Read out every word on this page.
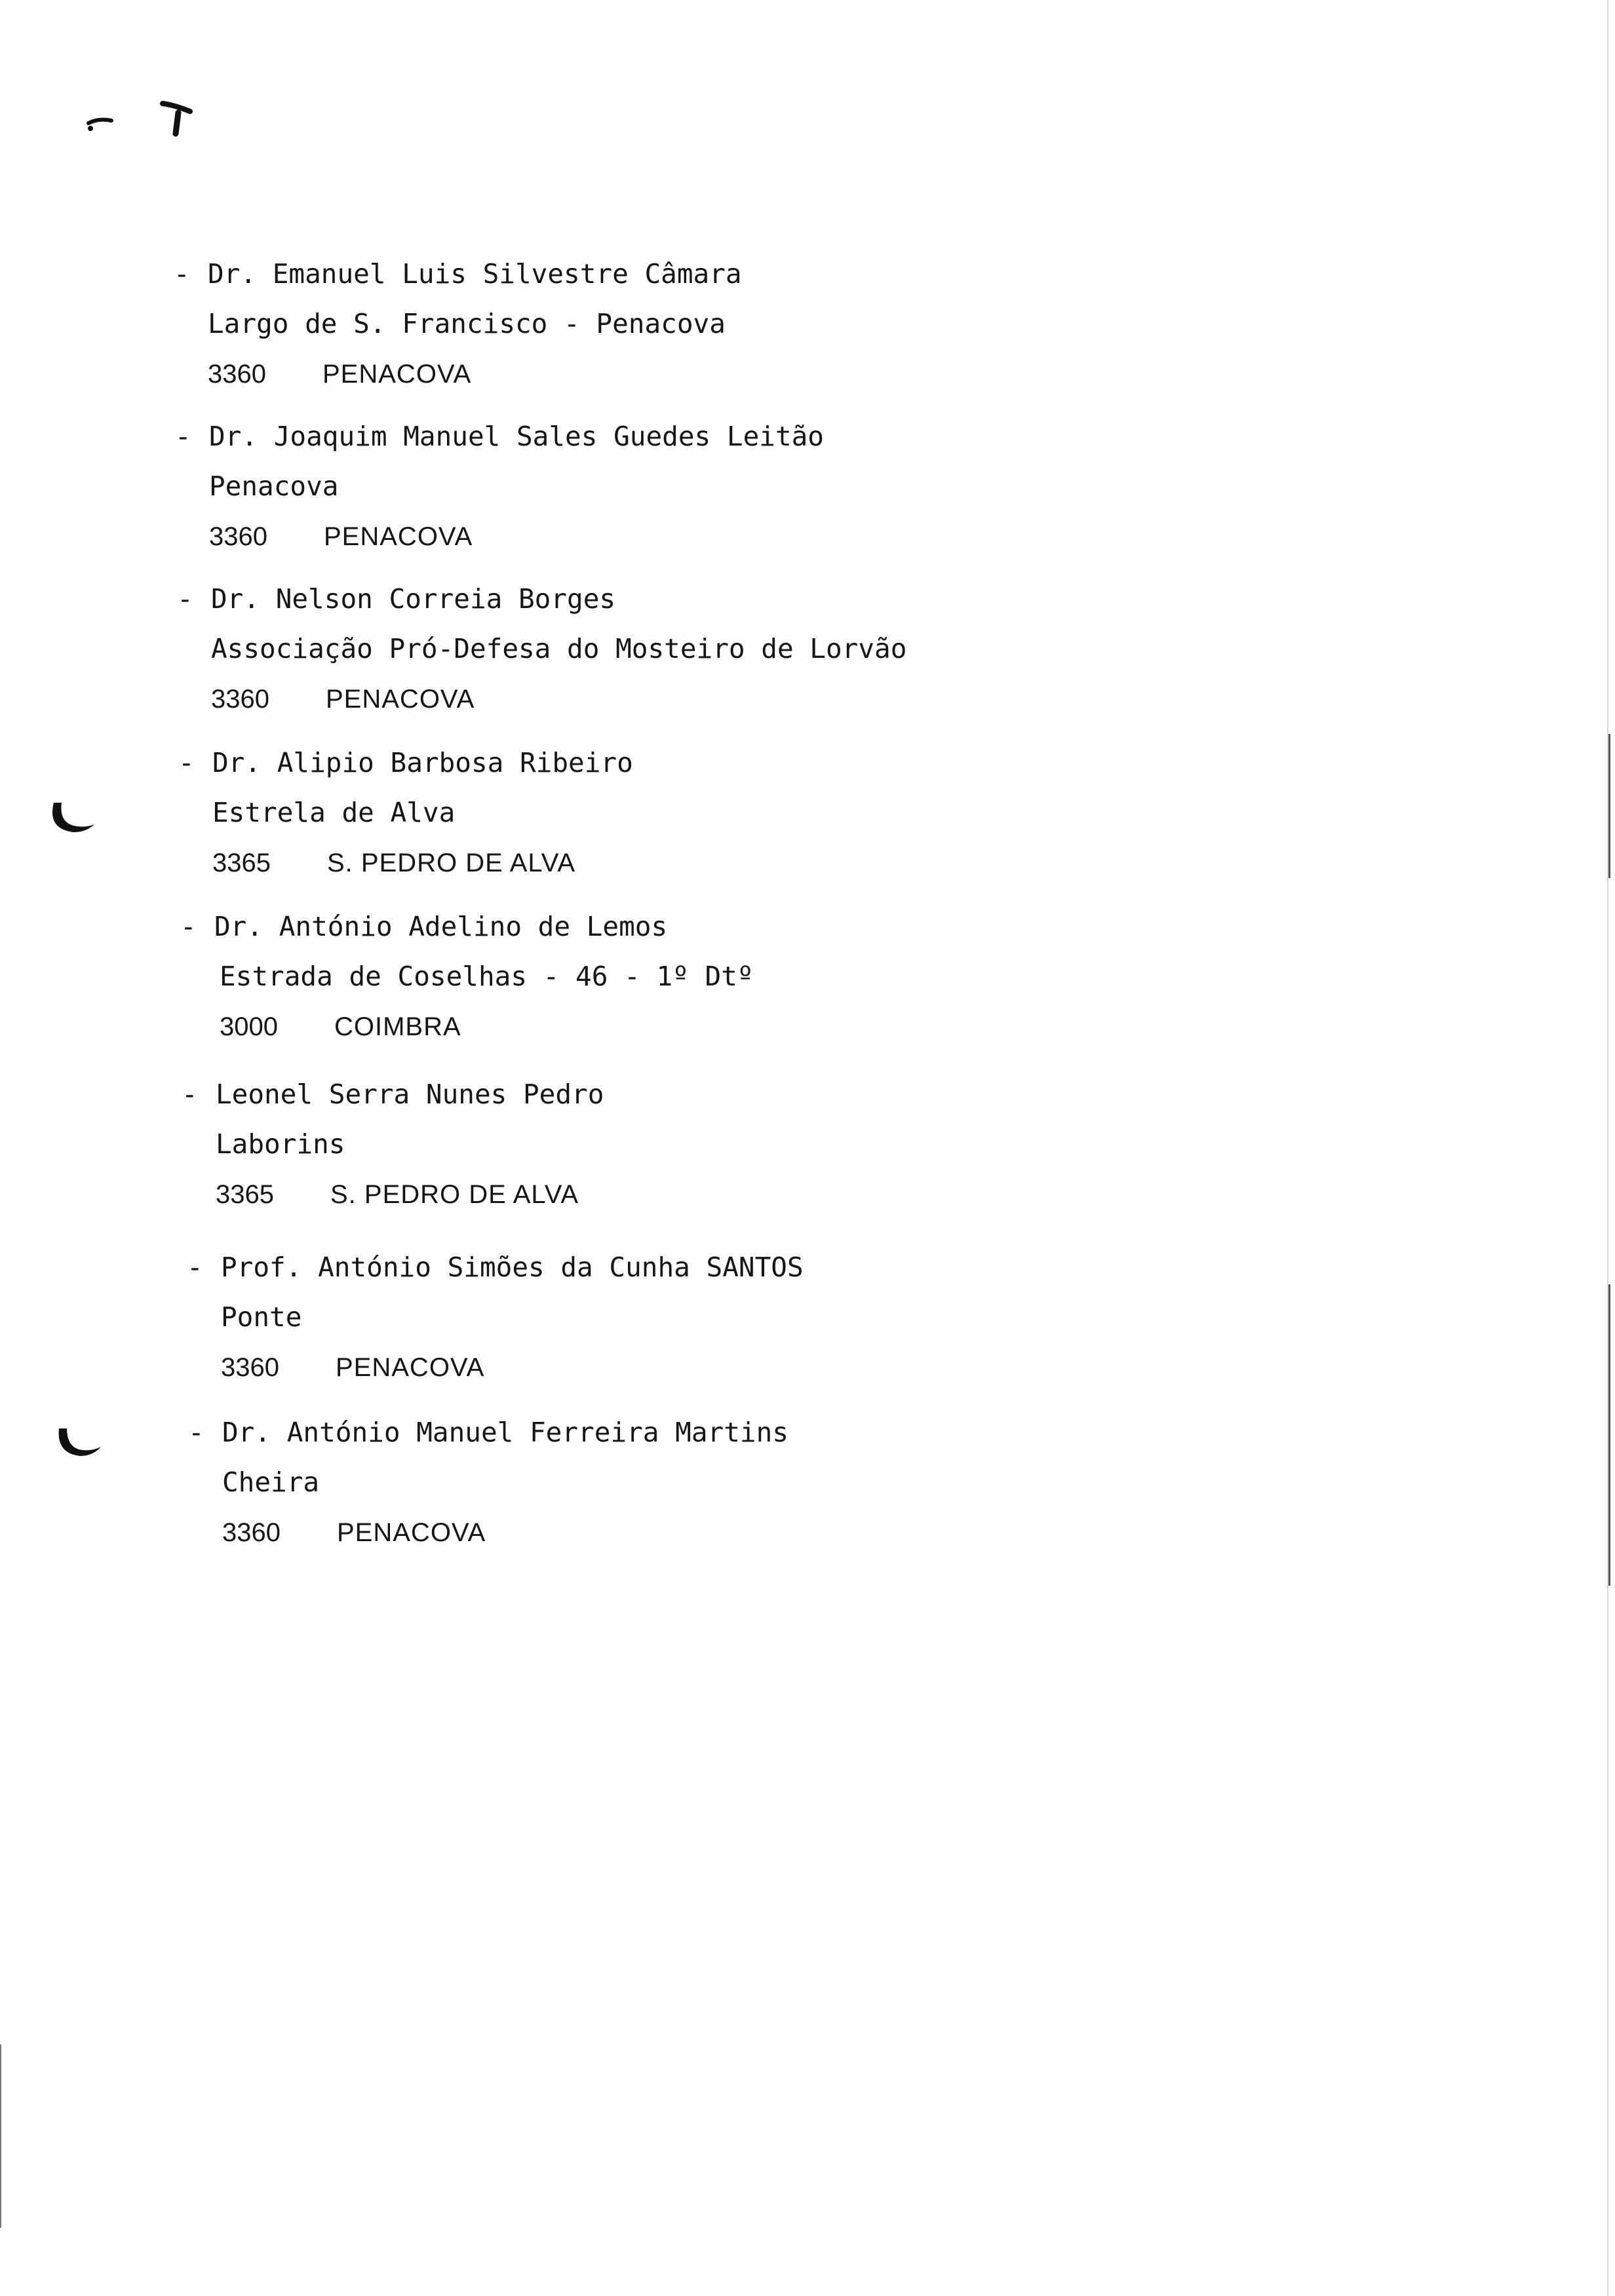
- Dr. Emanuel Luis Silvestre Câmara
Largo de S. Francisco - Penacova
3360 PENACOVA
- Dr. Joaquim Manuel Sales Guedes Leitão
Penacova
3360 PENACOVA
- Dr. Nelson Correia Borges
Associação Pró-Defesa do Mosteiro de Lorvão
3360 PENACOVA
- Dr. Alipio Barbosa Ribeiro
Estrela de Alva
3365 S. PEDRO DE ALVA
- Dr. António Adelino de Lemos
Estrada de Coselhas - 46 - 1º Dtº
3000 COIMBRA
- Leonel Serra Nunes Pedro
Laborins
3365 S. PEDRO DE ALVA
- Prof. António Simões da Cunha SANTOS
Ponte
3360 PENACOVA
- Dr. António Manuel Ferreira Martins
Cheira
3360 PENACOVA
